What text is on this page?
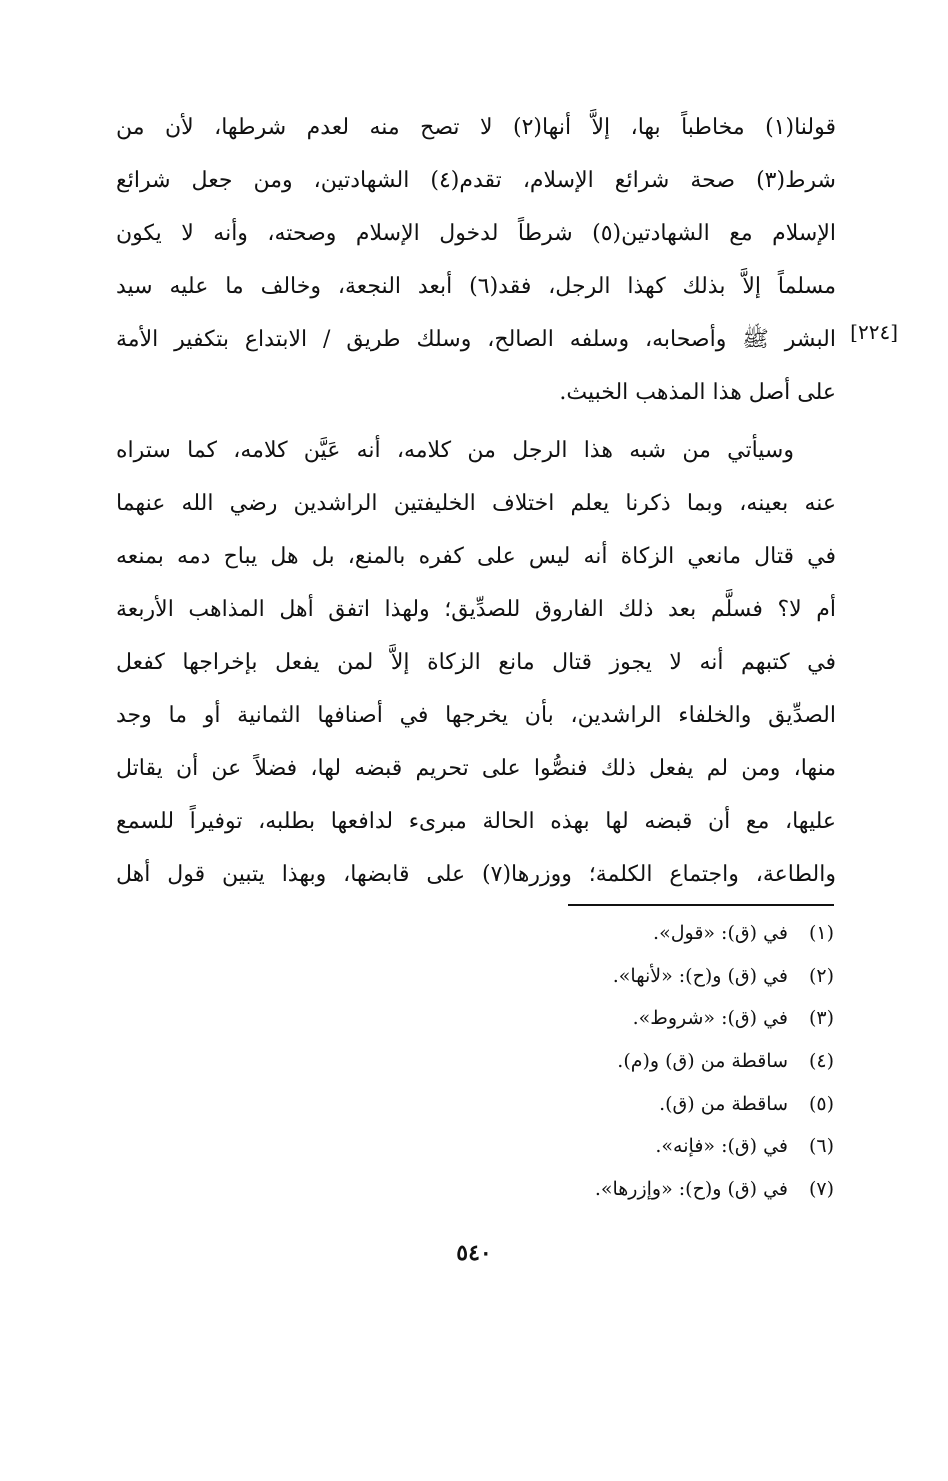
قولنا(١) مخاطباً بها، إلاَّ أنها(٢) لا تصح منه لعدم شرطها، لأن من
شرط(٣) صحة شرائع الإسلام، تقدم(٤) الشهادتين، ومن جعل شرائع
الإسلام مع الشهادتين(٥) شرطاً لدخول الإسلام وصحته، وأنه لا يكون
مسلماً إلاَّ بذلك كهذا الرجل، فقد(٦) أبعد النجعة، وخالف ما عليه سيد
البشر ﷺ وأصحابه، وسلفه الصالح، وسلك طريق / الابتداع بتكفير الأمة
على أصل هذا المذهب الخبيث.
[٢٢٤]
وسيأتي من شبه هذا الرجل من كلامه، أنه عَيَّن كلامه، كما ستراه
عنه بعينه، وبما ذكرنا يعلم اختلاف الخليفتين الراشدين رضي الله عنهما
في قتال مانعي الزكاة أنه ليس على كفره بالمنع، بل هل يباح دمه بمنعه
أم لا؟ فسلَّم بعد ذلك الفاروق للصدِّيق؛ ولهذا اتفق أهل المذاهب الأربعة
في كتبهم أنه لا يجوز قتال مانع الزكاة إلاَّ لمن يفعل بإخراجها كفعل
الصدِّيق والخلفاء الراشدين، بأن يخرجها في أصنافها الثمانية أو ما وجد
منها، ومن لم يفعل ذلك فنصُّوا على تحريم قبضه لها، فضلاً عن أن يقاتل
عليها، مع أن قبضه لها بهذه الحالة مبرىء لدافعها بطلبه، توفيراً للسمع
والطاعة، واجتماع الكلمة؛ ووزرها(٧) على قابضها، وبهذا يتبين قول أهل
(١)في (ق): «قول».
(٢)في (ق) و(ح): «لأنها».
(٣)في (ق): «شروط».
(٤)ساقطة من (ق) و(م).
(٥)ساقطة من (ق).
(٦)في (ق): «فإنه».
(٧)في (ق) و(ح): «وإزرها».
٥٤٠
